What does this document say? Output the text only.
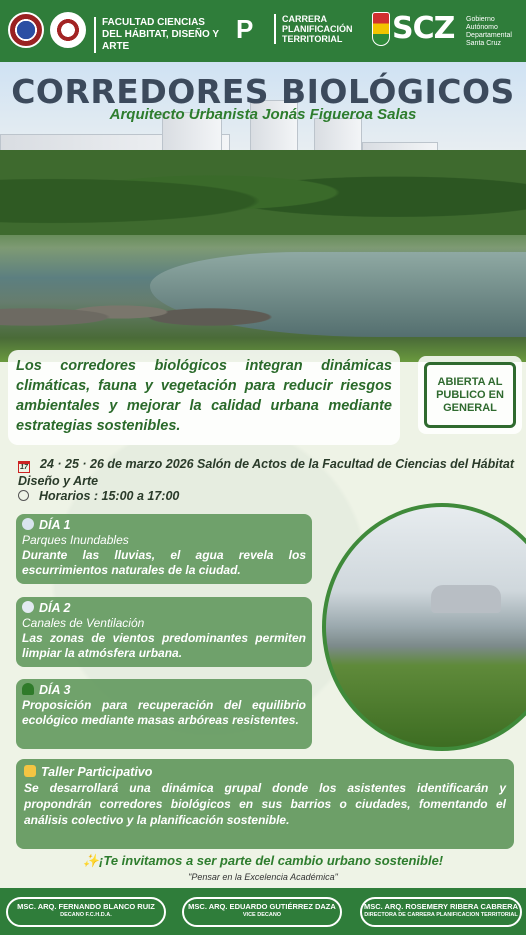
FACULTAD CIENCIAS DEL HÁBITAT, DISEÑO Y ARTE
P	CARRERA PLANIFICACIÓN TERRITORIAL	SCZ Gobierno Autónomo Departamental Santa Cruz
CORREDORES BIOLÓGICOS
Arquitecto Urbanista Jonás Figueroa Salas
Los corredores biológicos integran dinámicas climáticas, fauna y vegetación para reducir riesgos ambientales y mejorar la calidad urbana mediante estrategias sostenibles.
ABIERTA AL PUBLICO EN GENERAL
17 24 · 25 · 26 de marzo 2026 Salón de Actos de la Facultad de Ciencias del Hábitat Diseño y Arte
Horarios : 15:00 a 17:00
DÍA 1
Parques Inundables
Durante las lluvias, el agua revela los escurrimientos naturales de la ciudad.
DÍA 2
Canales de Ventilación
Las zonas de vientos predominantes permiten limpiar la atmósfera urbana.
DÍA 3
Proposición para recuperación del equilibrio ecológico mediante masas arbóreas resistentes.
Taller Participativo
Se desarrollará una dinámica grupal donde los asistentes identificarán y propondrán corredores biológicos en sus barrios o ciudades, fomentando el análisis colectivo y la planificación sostenible.
✨¡Te invitamos a ser parte del cambio urbano sostenible!
"Pensar en la Excelencia Académica"
MSC. ARQ. FERNANDO BLANCO RUIZ
DECANO F.C.H.D.A.
MSC. ARQ. EDUARDO GUTIÉRREZ DAZA
VICE DECANO
MSC. ARQ. ROSEMERY RIBERA CABRERA
DIRECTORA DE CARRERA PLANIFICACION TERRITORIAL
